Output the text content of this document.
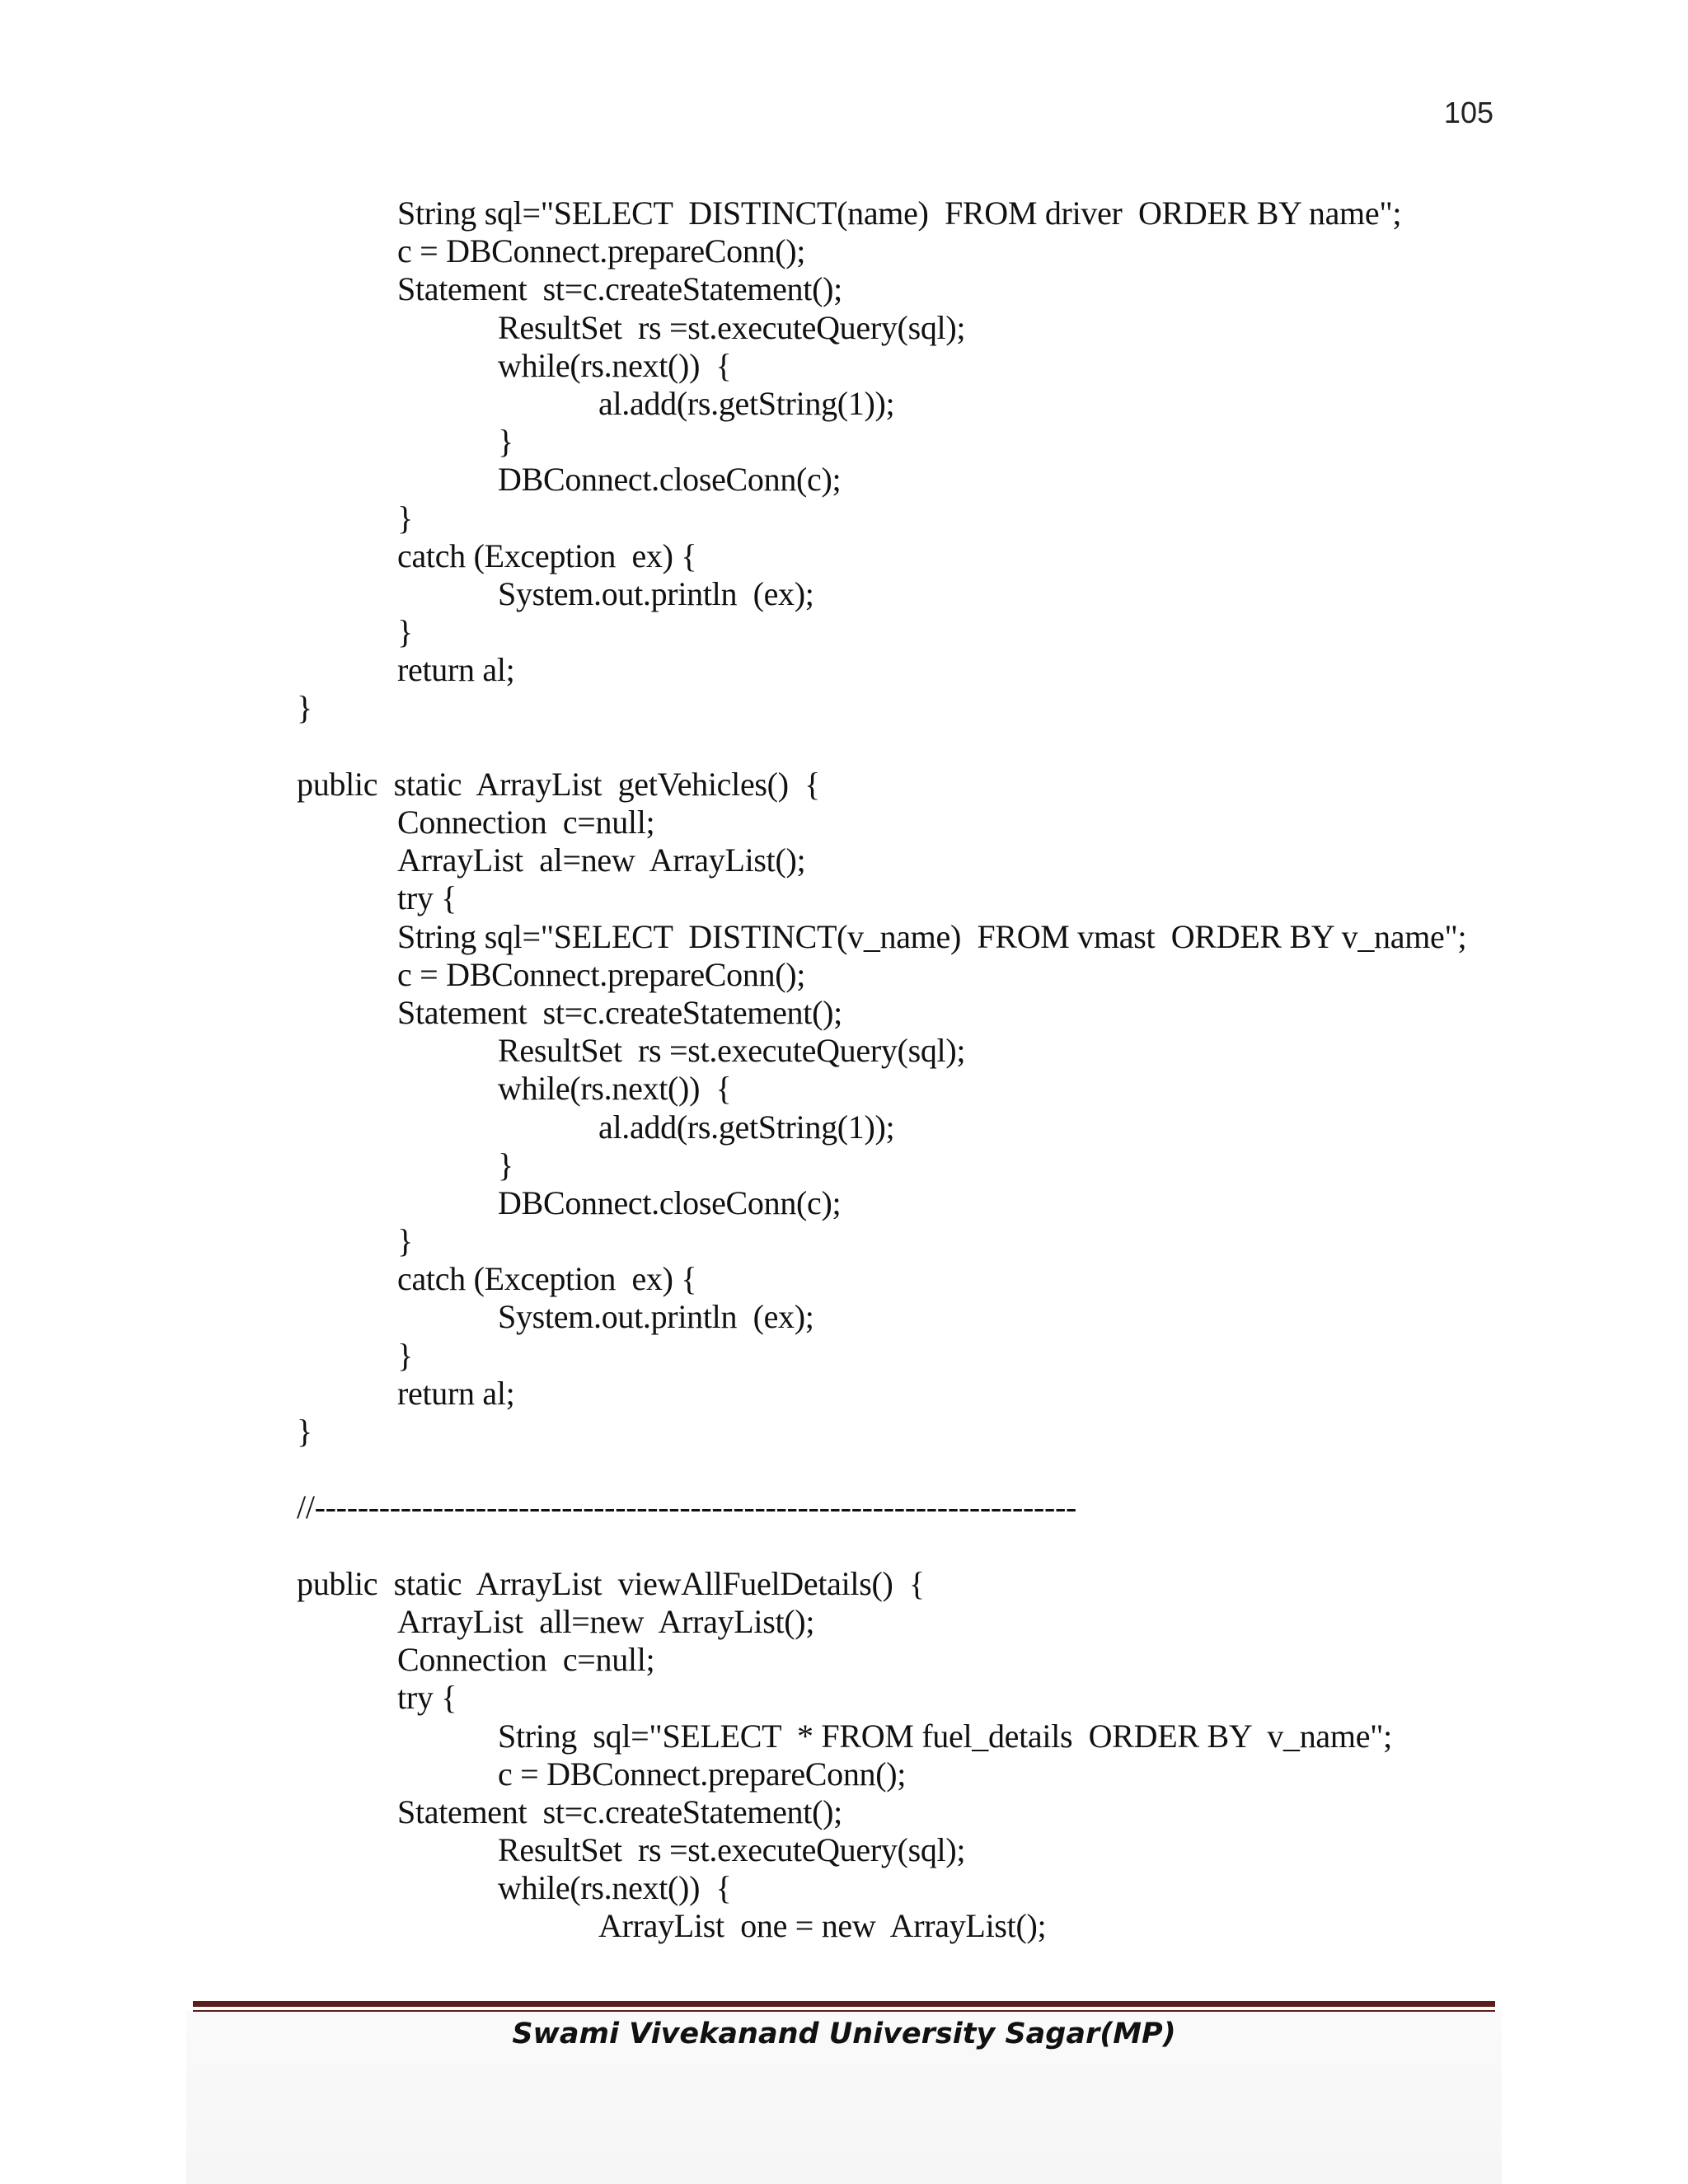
105
String sql="SELECT  DISTINCT(name)  FROM driver  ORDER BY name";
c = DBConnect.prepareConn();
Statement  st=c.createStatement();
ResultSet  rs =st.executeQuery(sql);
while(rs.next())  {
al.add(rs.getString(1));
}
DBConnect.closeConn(c);
}
catch (Exception  ex) {
System.out.println  (ex);
}
return al;
}
public  static  ArrayList  getVehicles()  {
Connection  c=null;
ArrayList  al=new  ArrayList();
try {
String sql="SELECT  DISTINCT(v_name)  FROM vmast  ORDER BY v_name";
c = DBConnect.prepareConn();
Statement  st=c.createStatement();
ResultSet  rs =st.executeQuery(sql);
while(rs.next())  {
al.add(rs.getString(1));
}
DBConnect.closeConn(c);
}
catch (Exception  ex) {
System.out.println  (ex);
}
return al;
}
//-----------------------------------------------------------------------
public  static  ArrayList  viewAllFuelDetails()  {
ArrayList  all=new  ArrayList();
Connection  c=null;
try {
String  sql="SELECT  * FROM fuel_details  ORDER BY  v_name";
c = DBConnect.prepareConn();
Statement  st=c.createStatement();
ResultSet  rs =st.executeQuery(sql);
while(rs.next())  {
ArrayList  one = new  ArrayList();
Swami Vivekanand University Sagar(MP)
